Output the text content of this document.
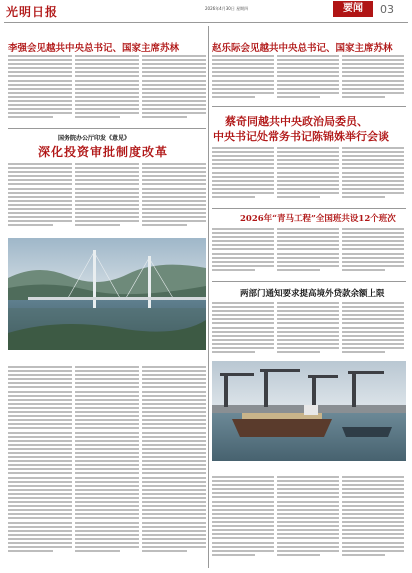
光明日报	2026年4月30日 星期四	要闻	03
李强会见越共中央总书记、国家主席苏林
国务院办公厅印发《意见》
深化投资审批制度改革
赵乐际会见越共中央总书记、国家主席苏林
蔡奇同越共中央政治局委员、
中央书记处常务书记陈锦姝举行会谈
2026年“青马工程”全国班共设12个班次
两部门通知要求提高境外贷款余额上限
